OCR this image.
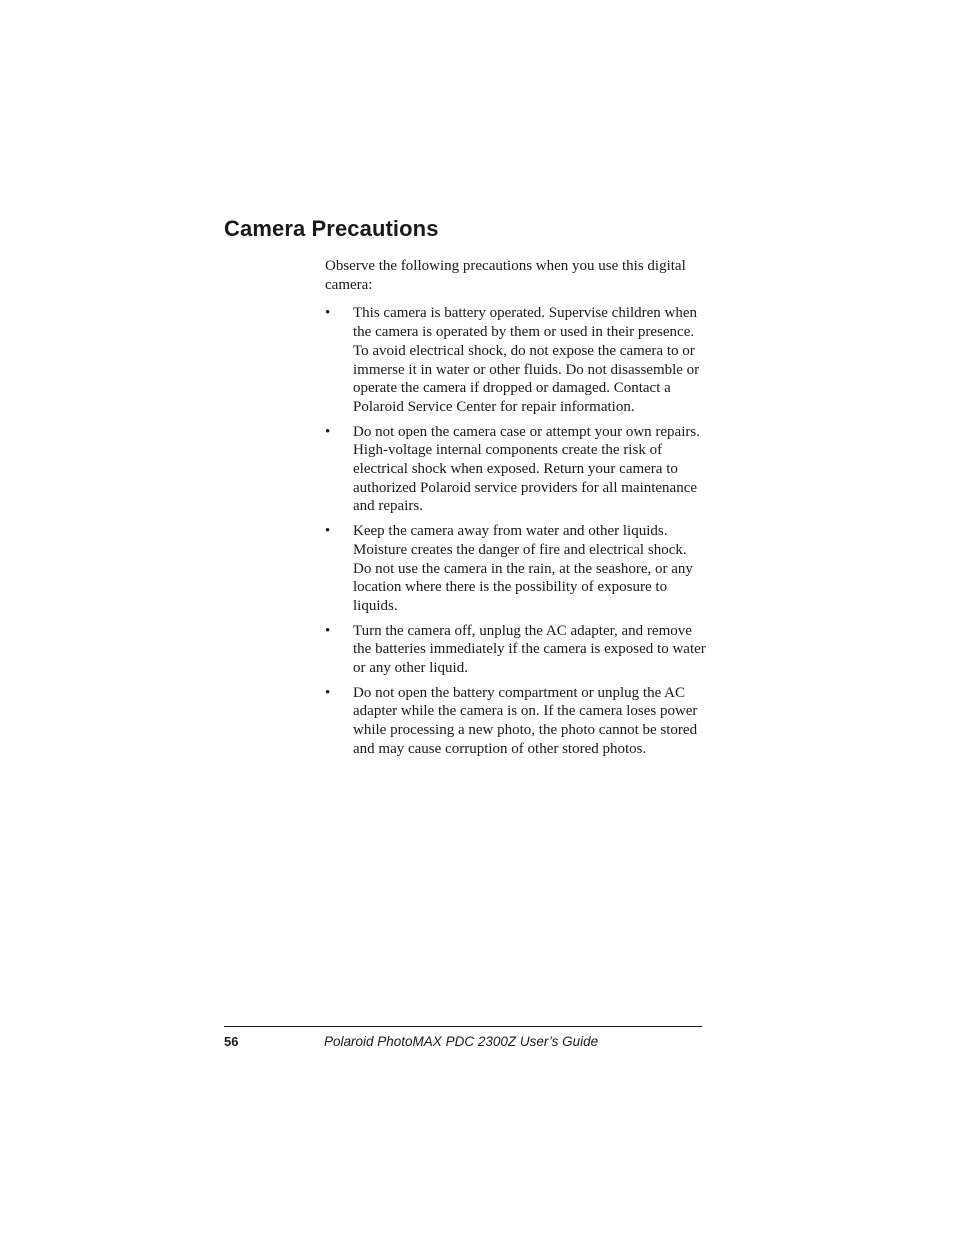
Camera Precautions

Observe the following precautions when you use this digital camera:

• This camera is battery operated. Supervise children when the camera is operated by them or used in their presence. To avoid electrical shock, do not expose the camera to or immerse it in water or other fluids. Do not disassemble or operate the camera if dropped or damaged. Contact a Polaroid Service Center for repair information.
• Do not open the camera case or attempt your own repairs. High-voltage internal components create the risk of electrical shock when exposed. Return your camera to authorized Polaroid service providers for all maintenance and repairs.
• Keep the camera away from water and other liquids. Moisture creates the danger of fire and electrical shock. Do not use the camera in the rain, at the seashore, or any location where there is the possibility of exposure to liquids.
• Turn the camera off, unplug the AC adapter, and remove the batteries immediately if the camera is exposed to water or any other liquid.
• Do not open the battery compartment or unplug the AC adapter while the camera is on. If the camera loses power while processing a new photo, the photo cannot be stored and may cause corruption of other stored photos.
56	Polaroid PhotoMAX PDC 2300Z User’s Guide
